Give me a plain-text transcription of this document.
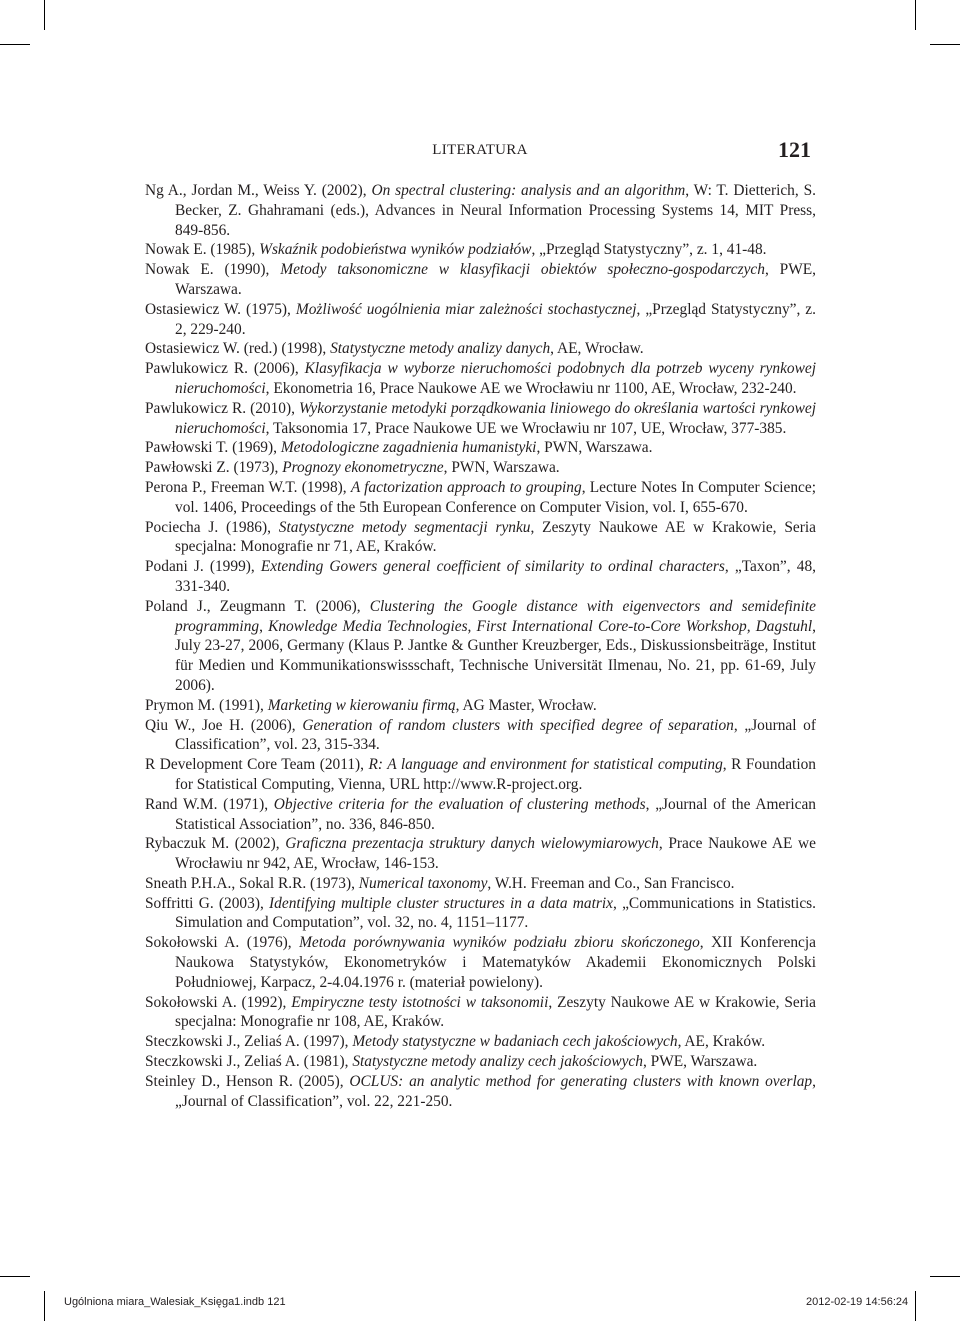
LITERATURA	121

Ng A., Jordan M., Weiss Y. (2002), On spectral clustering: analysis and an algorithm, W: T. Dietterich, S. Becker, Z. Ghahramani (eds.), Advances in Neural Information Processing Systems 14, MIT Press, 849-856.

Nowak E. (1985), Wskaźnik podobieństwa wyników podziałów, „Przegląd Statystyczny”, z. 1, 41-48.

Nowak E. (1990), Metody taksonomiczne w klasyfikacji obiektów społeczno-gospodarczych, PWE, Warszawa.

Ostasiewicz W. (1975), Możliwość uogólnienia miar zależności stochastycznej, „Przegląd Statystyczny”, z. 2, 229-240.

Ostasiewicz W. (red.) (1998), Statystyczne metody analizy danych, AE, Wrocław.

Pawlukowicz R. (2006), Klasyfikacja w wyborze nieruchomości podobnych dla potrzeb wyceny rynkowej nieruchomości, Ekonometria 16, Prace Naukowe AE we Wrocławiu nr 1100, AE, Wrocław, 232-240.

Pawlukowicz R. (2010), Wykorzystanie metodyki porządkowania liniowego do określania wartości rynkowej nieruchomości, Taksonomia 17, Prace Naukowe UE we Wrocławiu nr 107, UE, Wrocław, 377-385.

Pawłowski T. (1969), Metodologiczne zagadnienia humanistyki, PWN, Warszawa.

Pawłowski Z. (1973), Prognozy ekonometryczne, PWN, Warszawa.

Perona P., Freeman W.T. (1998), A factorization approach to grouping, Lecture Notes In Computer Science; vol. 1406, Proceedings of the 5th European Conference on Computer Vision, vol. I, 655-670.

Pociecha J. (1986), Statystyczne metody segmentacji rynku, Zeszyty Naukowe AE w Krakowie, Seria specjalna: Monografie nr 71, AE, Kraków.

Podani J. (1999), Extending Gowers general coefficient of similarity to ordinal characters, „Taxon”, 48, 331-340.

Poland J., Zeugmann T. (2006), Clustering the Google distance with eigenvectors and semidefinite programming, Knowledge Media Technologies, First International Core-to-Core Workshop, Dagstuhl, July 23-27, 2006, Germany (Klaus P. Jantke & Gunther Kreuzberger, Eds., Diskussionsbeiträge, Institut für Medien und Kommunikationswissschaft, Technische Universität Ilmenau, No. 21, pp. 61-69, July 2006).

Prymon M. (1991), Marketing w kierowaniu firmą, AG Master, Wrocław.

Qiu W., Joe H. (2006), Generation of random clusters with specified degree of separation, „Journal of Classification”, vol. 23, 315-334.

R Development Core Team (2011), R: A language and environment for statistical computing, R Foundation for Statistical Computing, Vienna, URL http://www.R-project.org.

Rand W.M. (1971), Objective criteria for the evaluation of clustering methods, „Journal of the American Statistical Association”, no. 336, 846-850.

Rybaczuk M. (2002), Graficzna prezentacja struktury danych wielowymiarowych, Prace Naukowe AE we Wrocławiu nr 942, AE, Wrocław, 146-153.

Sneath P.H.A., Sokal R.R. (1973), Numerical taxonomy, W.H. Freeman and Co., San Francisco.

Soffritti G. (2003), Identifying multiple cluster structures in a data matrix, „Communications in Statistics. Simulation and Computation”, vol. 32, no. 4, 1151–1177.

Sokołowski A. (1976), Metoda porównywania wyników podziału zbioru skończonego, XII Konferencja Naukowa Statystyków, Ekonometryków i Matematyków Akademii Ekonomicznych Polski Południowej, Karpacz, 2-4.04.1976 r. (materiał powielony).

Sokołowski A. (1992), Empiryczne testy istotności w taksonomii, Zeszyty Naukowe AE w Krakowie, Seria specjalna: Monografie nr 108, AE, Kraków.

Steczkowski J., Zeliaś A. (1997), Metody statystyczne w badaniach cech jakościowych, AE, Kraków.

Steczkowski J., Zeliaś A. (1981), Statystyczne metody analizy cech jakościowych, PWE, Warszawa.

Steinley D., Henson R. (2005), OCLUS: an analytic method for generating clusters with known overlap, „Journal of Classification”, vol. 22, 221-250.

Ugólniona miara_Walesiak_Księga1.indb 121	2012-02-19 14:56:24
